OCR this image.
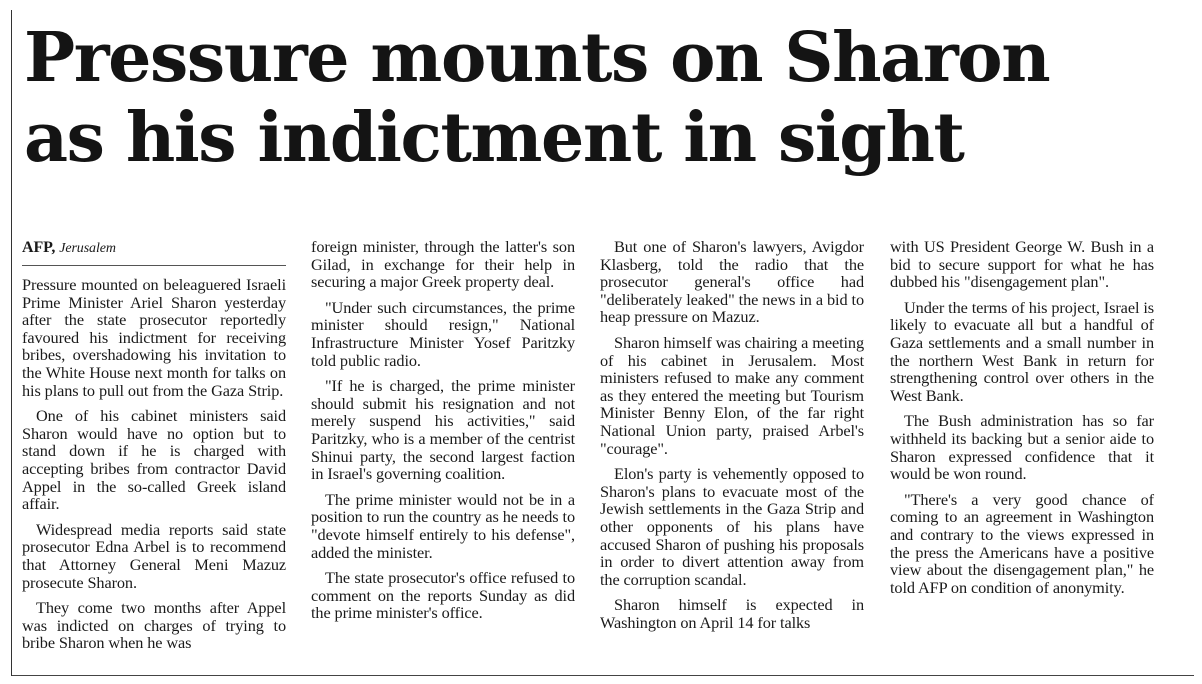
Pressure mounts on Sharon
as his indictment in sight
AFP, Jerusalem

Pressure mounted on beleaguered Israeli Prime Minister Ariel Sharon yesterday after the state prosecutor reportedly favoured his indictment for receiving bribes, overshadowing his invitation to the White House next month for talks on his plans to pull out from the Gaza Strip.

One of his cabinet ministers said Sharon would have no option but to stand down if he is charged with accepting bribes from contractor David Appel in the so-called Greek island affair.

Widespread media reports said state prosecutor Edna Arbel is to recommend that Attorney General Meni Mazuz prosecute Sharon.

They come two months after Appel was indicted on charges of trying to bribe Sharon when he was

foreign minister, through the latter's son Gilad, in exchange for their help in securing a major Greek property deal.

"Under such circumstances, the prime minister should resign," National Infrastructure Minister Yosef Paritzky told public radio.

"If he is charged, the prime minister should submit his resignation and not merely suspend his activities," said Paritzky, who is a member of the centrist Shinui party, the second largest faction in Israel's governing coalition.

The prime minister would not be in a position to run the country as he needs to "devote himself entirely to his defense", added the minister.

The state prosecutor's office refused to comment on the reports Sunday as did the prime minister's office.

But one of Sharon's lawyers, Avigdor Klasberg, told the radio that the prosecutor general's office had "deliberately leaked" the news in a bid to heap pressure on Mazuz.

Sharon himself was chairing a meeting of his cabinet in Jerusalem. Most ministers refused to make any comment as they entered the meeting but Tourism Minister Benny Elon, of the far right National Union party, praised Arbel's "courage".

Elon's party is vehemently opposed to Sharon's plans to evacuate most of the Jewish settlements in the Gaza Strip and other opponents of his plans have accused Sharon of pushing his proposals in order to divert attention away from the corruption scandal.

Sharon himself is expected in Washington on April 14 for talks

with US President George W. Bush in a bid to secure support for what he has dubbed his "disengagement plan".

Under the terms of his project, Israel is likely to evacuate all but a handful of Gaza settlements and a small number in the northern West Bank in return for strengthening control over others in the West Bank.

The Bush administration has so far withheld its backing but a senior aide to Sharon expressed confidence that it would be won round.

"There's a very good chance of coming to an agreement in Washington and contrary to the views expressed in the press the Americans have a positive view about the disengagement plan," he told AFP on condition of anonymity.
